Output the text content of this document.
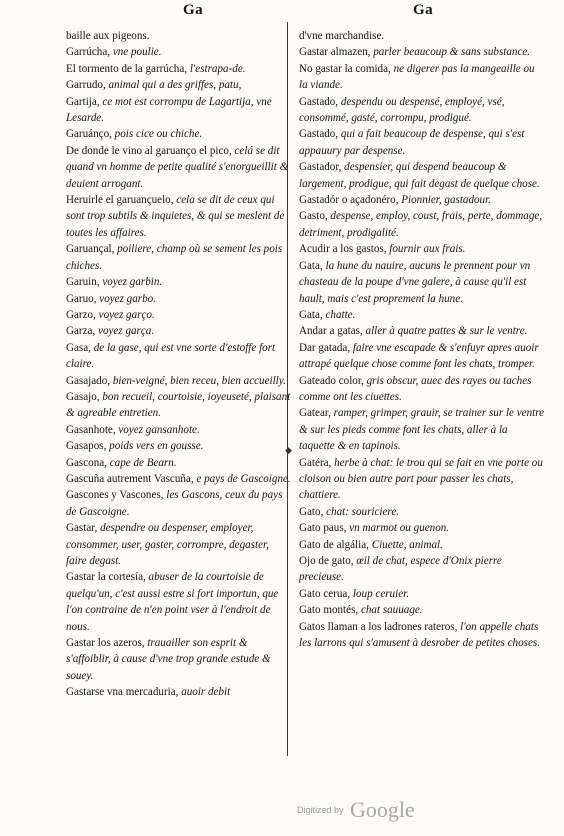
Ga	Ga
baille aux pigeons.
Garrúcha, vne poulie.
El tormento de la garrúcha, l'estrapa-de.
Garrudo, animal qui a des griffes, patu,
Gartija, ce mot est corrompu de Lagartija, vne Lesarde.
Garuánço, pois cice ou chiche.
De donde le vino al garuanço el pico, celá se dit quand vn homme de petite qualité s'enorgueillit & deuient arrogant.
Heruirle el garuançuelo, cela se dit de ceux qui sont trop subtils & inquietes, & qui se meslent de toutes les affaires.
Garuançal, poiliere, champ où se sement les pois chiches.
Garuin, voyez garbin.
Garuo, voyez garbo.
Garzo, voyez garço.
Garza, voyez garça.
Gasa, de la gase, qui est vne sorte d'estoffe fort claire.
Gasajado, bien-veigné, bien receu, bien accueilly.
Gasajo, bon recueil, courtoisie, ioyeuseté, plaisant & agreable entretien.
Gasanhote, voyez gansanhote.
Gasapos, poids vers en gousse.
Gascona, cape de Bearn.
Gascuña autrement Vascuña, e pays de Gascoigne.
Gascones y Vascones, les Gascons, ceux du pays de Gascoigne.
Gastar, despendre ou despenser, employer, consommer, user, gaster, corrompre, degaster, faire degast.
Gastar la cortesía, abuser de la courtoisie de quelqu'un, c'est aussi estre si fort importun, que l'on contraine de n'en point vser à l'endroit de nous.
Gastar los azeros, trauailler son esprit & s'affoiblir, à cause d'vne trop grande estude & souey.
Gastarse vna mercaduria, auoir debit
d'vne marchandise.
Gastar almazen, parler beaucoup & sans substance.
No gastar la comida, ne digerer pas la mangeaille ou la viande.
Gastado, despendu ou despensé, employé, vsé, consommé, gasté, corrompu, prodigué.
Gastado, qui a fait beaucoup de despense, qui s'est appauury par despense.
Gastador, despensier, qui despend beaucoup & largement, prodigue, qui fait degast de quelque chose.
Gastadór o açadonéro, Pionnier, gastadour.
Gasto, despense, employ, coust, frais, perte, dommage, detriment, prodigalité.
Acudir a los gastos, fournir aux frais.
Gata, la hune du nauire, aucuns le prennent pour vn chasteau de la poupe d'vne galere, à cause qu'il est hault, mais c'est proprement la hune.
Gata, chatte.
Andar a gatas, aller à quatre pattes & sur le ventre.
Dar gatada, faire vne escapade & s'enfuyr apres auoir attrapé quelque chose comme font les chats, tromper.
Gateado color, gris obscur, auec des rayes ou taches comme ont les ciuettes.
Gatear, ramper, grimper, grauir, se trainer sur le ventre & sur les pieds comme font les chats, aller à la taquette & en tapinois.
Gatéra, herbe à chat: le trou qui se fait en vne porte ou cloison ou bien autre part pour passer les chats, chattiere.
Gato, chat: souriciere.
Gato paus, vn marmot ou guenon.
Gato de algália, Ciuette, animal.
Ojo de gato, œil de chat, espece d'Onix pierre precieuse.
Gato cerua, loup ceruier.
Gato montés, chat sauuage.
Gatos llaman a los ladrones rateros, l'on appelle chats les larrons qui s'amusent à desrober de petites choses.
◆
Digitized by Google
